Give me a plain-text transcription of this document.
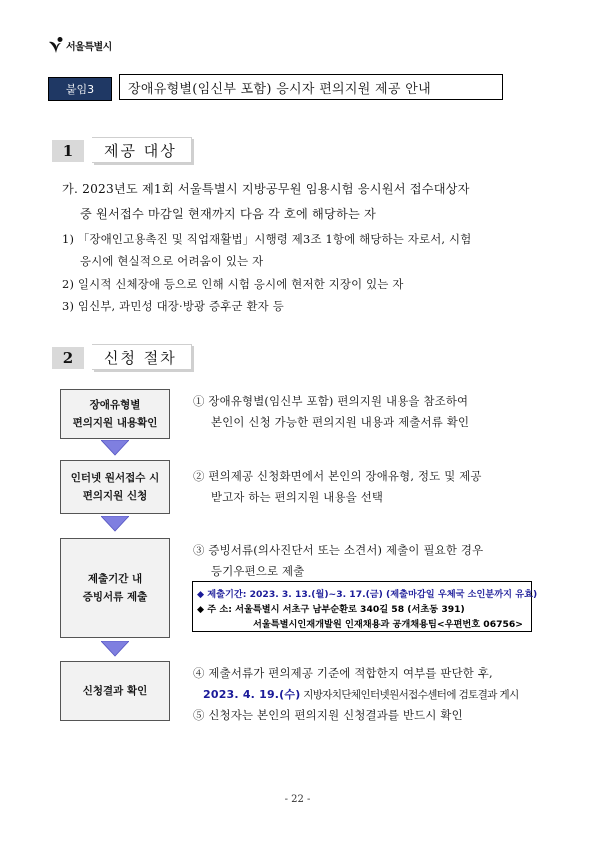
서울특별시
붙임3	장애유형별(임신부 포함) 응시자 편의지원 제공 안내
1	제공 대상
가. 2023년도 제1회 서울특별시 지방공무원 임용시험 응시원서 접수대상자
중 원서접수 마감일 현재까지 다음 각 호에 해당하는 자
1) 「장애인고용촉진 및 직업재활법」시행령 제3조 1항에 해당하는 자로서, 시험
응시에 현실적으로 어려움이 있는 자
2) 일시적 신체장애 등으로 인해 시험 응시에 현저한 지장이 있는 자
3) 임신부, 과민성 대장·방광 증후군 환자 등
2	신청 절차
장애유형별
편의지원 내용확인
① 장애유형별(임신부 포함) 편의지원 내용을 참조하여
본인이 신청 가능한 편의지원 내용과 제출서류 확인
인터넷 원서접수 시
편의지원 신청
② 편의제공 신청화면에서 본인의 장애유형, 정도 및 제공
받고자 하는 편의지원 내용을 선택
제출기간 내
증빙서류 제출
③ 증빙서류(의사진단서 또는 소견서) 제출이 필요한 경우
등기우편으로 제출
◆ 제출기간: 2023. 3. 13.(월)~3. 17.(금) (제출마감일 우체국 소인분까지 유효)
◆ 주 소: 서울특별시 서초구 남부순환로 340길 58 (서초동 391)
서울특별시인재개발원 인재채용과 공개채용팀<우편번호 06756>
신청결과 확인
④ 제출서류가 편의제공 기준에 적합한지 여부를 판단한 후,
2023. 4. 19.(수) 지방자치단체인터넷원서접수센터에 검토결과 게시
⑤ 신청자는 본인의 편의지원 신청결과를 반드시 확인
- 22 -
